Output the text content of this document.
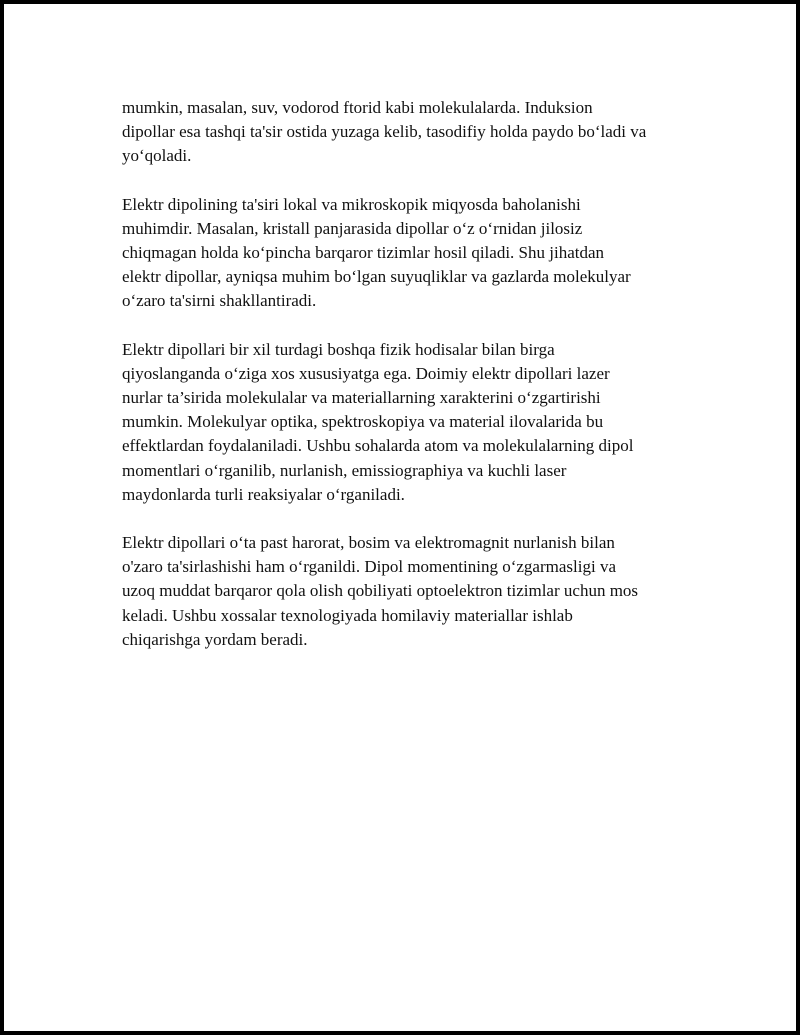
mumkin, masalan, suv, vodorod ftorid kabi molekulalarda. Induksion
dipollar esa tashqi ta'sir ostida yuzaga kelib, tasodifiy holda paydo bo‘ladi va
yo‘qoladi.

Elektr dipolining ta'siri lokal va mikroskopik miqyosda baholanishi
muhimdir. Masalan, kristall panjarasida dipollar o‘z o‘rnidan jilosiz
chiqmagan holda ko‘pincha barqaror tizimlar hosil qiladi. Shu jihatdan
elektr dipollar, ayniqsa muhim bo‘lgan suyuqliklar va gazlarda molekulyar
o‘zaro ta'sirni shakllantiradi.

Elektr dipollari bir xil turdagi boshqa fizik hodisalar bilan birga
qiyoslanganda o‘ziga xos xususiyatga ega. Doimiy elektr dipollari lazer
nurlar ta’sirida molekulalar va materiallarning xarakterini o‘zgartirishi
mumkin. Molekulyar optika, spektroskopiya va material ilovalarida bu
effektlardan foydalaniladi. Ushbu sohalarda atom va molekulalarning dipol
momentlari o‘rganilib, nurlanish, emissiographiya va kuchli laser
maydonlarda turli reaksiyalar o‘rganiladi.

Elektr dipollari o‘ta past harorat, bosim va elektromagnit nurlanish bilan
o'zaro ta'sirlashishi ham o‘rganildi. Dipol momentining o‘zgarmasligi va
uzoq muddat barqaror qola olish qobiliyati optoelektron tizimlar uchun mos
keladi. Ushbu xossalar texnologiyada homilaviy materiallar ishlab
chiqarishga yordam beradi.
